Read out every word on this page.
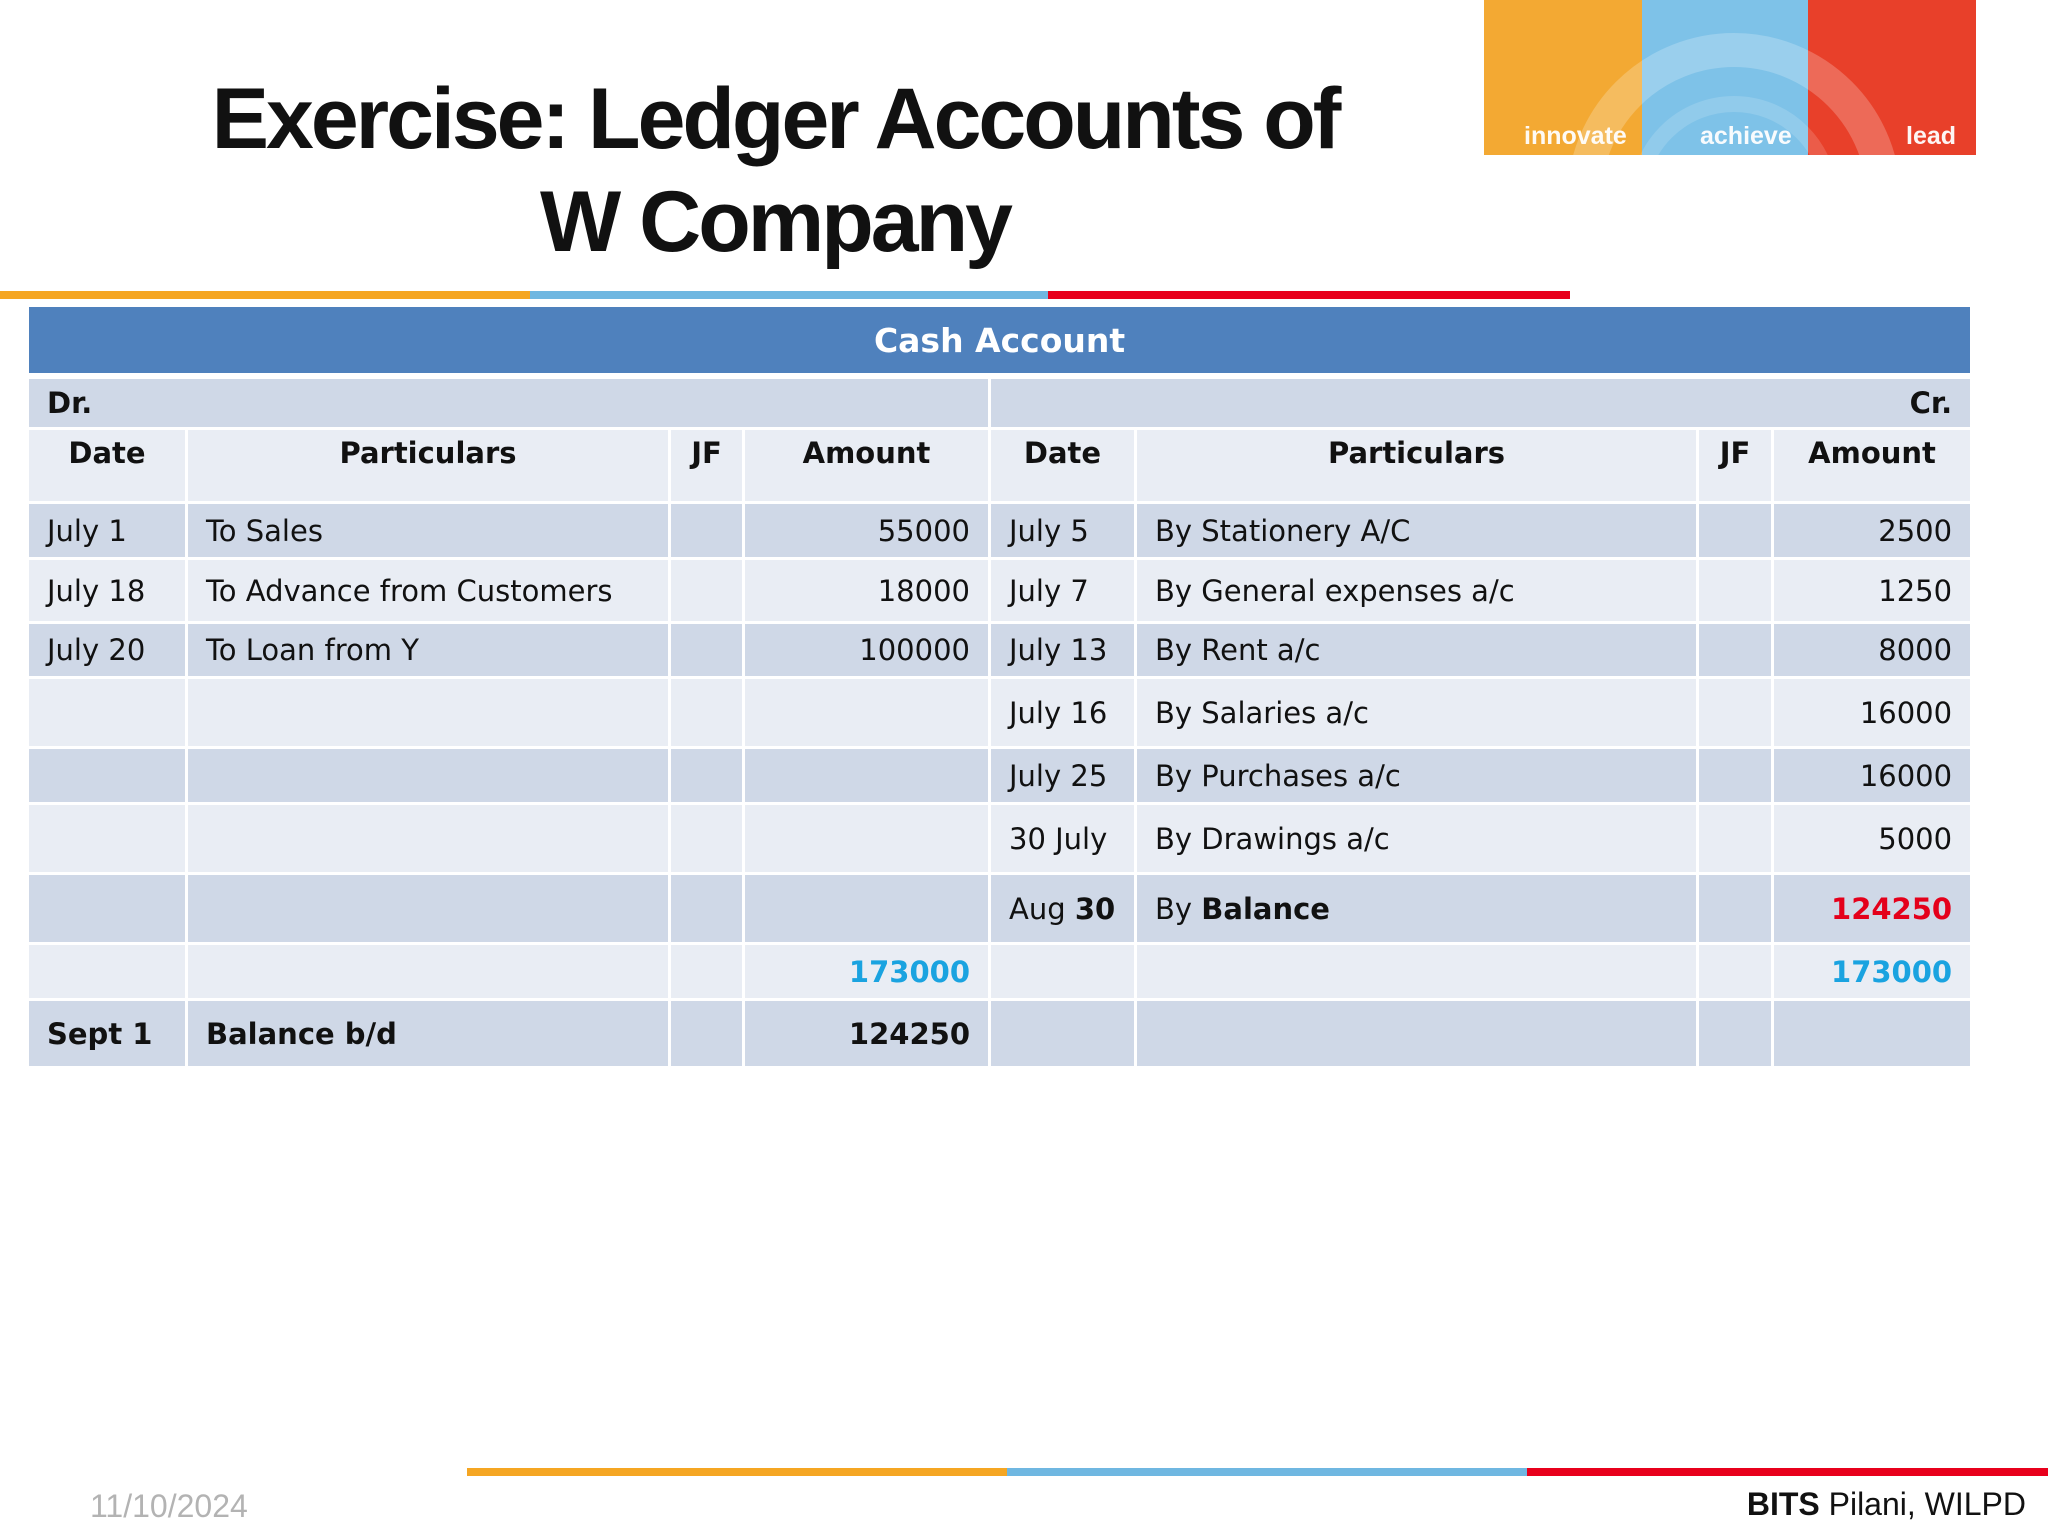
Exercise: Ledger Accounts of
W Company
innovate	achieve	lead
Cash Account							
Dr.				Cr.			
Date	Particulars	JF	Amount	Date	Particulars	JF	Amount
July 1	To Sales		55000	July 5	By Stationery A/C		2500
July 18	To Advance from Customers		18000	July 7	By General expenses a/c		1250
July 20	To Loan from Y		100000	July 13	By Rent a/c		8000
				July 16	By Salaries a/c		16000
				July 25	By Purchases a/c		16000
				30 July	By Drawings a/c		5000
				Aug 30	By Balance		124250
			173000				173000
Sept 1	Balance b/d		124250				
11/10/2024	BITS Pilani, WILPD
